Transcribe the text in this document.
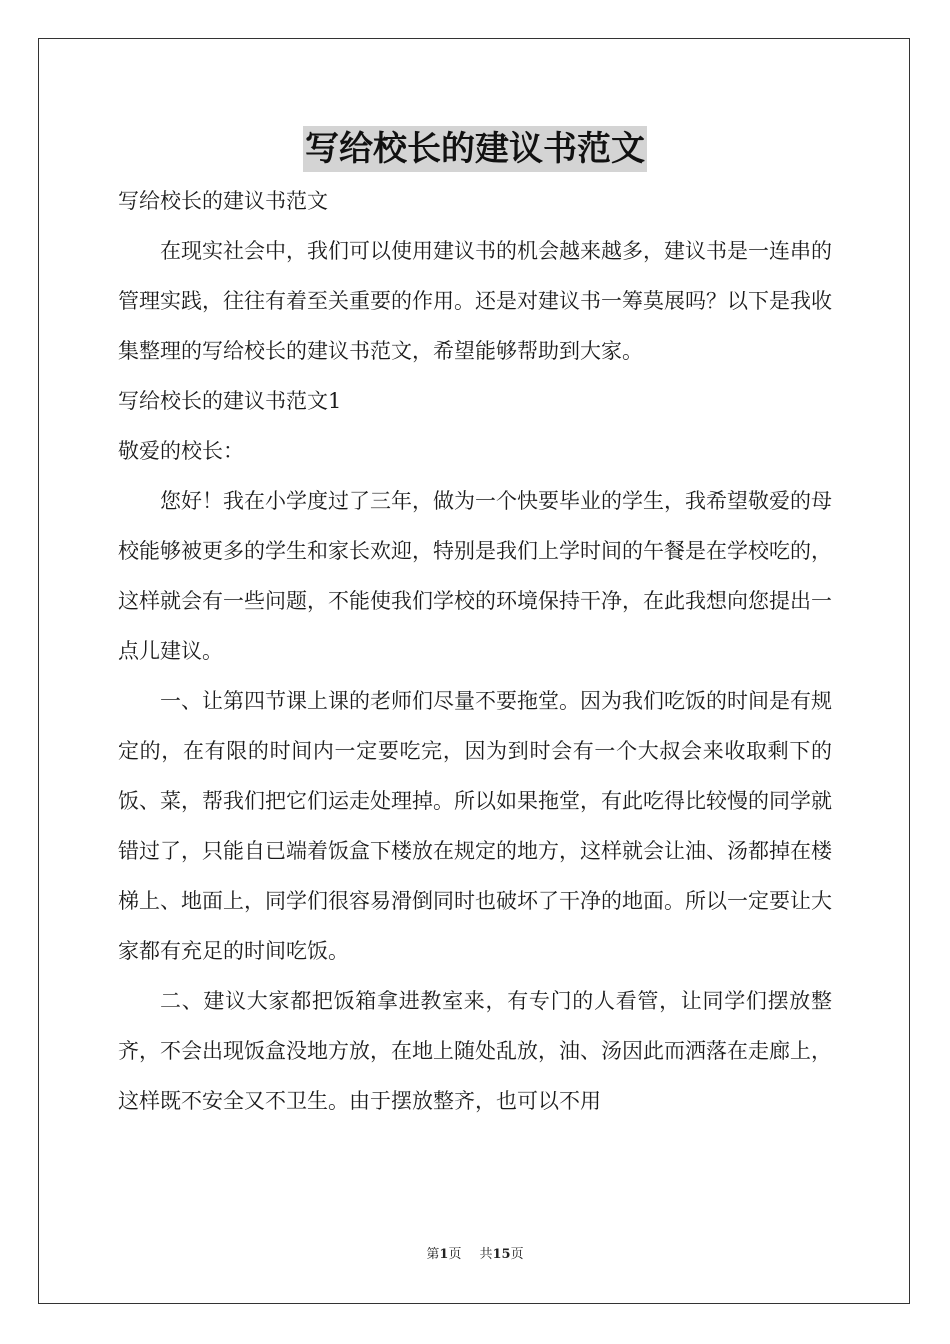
写给校长的建议书范文

写给校长的建议书范文

在现实社会中，我们可以使用建议书的机会越来越多，建议书是一连串的管理实践，往往有着至关重要的作用。还是对建议书一筹莫展吗？以下是我收集整理的写给校长的建议书范文，希望能够帮助到大家。

写给校长的建议书范文1

敬爱的校长：

您好！我在小学度过了三年，做为一个快要毕业的学生，我希望敬爱的母校能够被更多的学生和家长欢迎，特别是我们上学时间的午餐是在学校吃的，这样就会有一些问题，不能使我们学校的环境保持干净，在此我想向您提出一点儿建议。

一、让第四节课上课的老师们尽量不要拖堂。因为我们吃饭的时间是有规定的，在有限的时间内一定要吃完，因为到时会有一个大叔会来收取剩下的饭、菜，帮我们把它们运走处理掉。所以如果拖堂，有此吃得比较慢的同学就错过了，只能自已端着饭盒下楼放在规定的地方，这样就会让油、汤都掉在楼梯上、地面上，同学们很容易滑倒同时也破坏了干净的地面。所以一定要让大家都有充足的时间吃饭。

二、建议大家都把饭箱拿进教室来，有专门的人看管，让同学们摆放整齐，不会出现饭盒没地方放，在地上随处乱放，油、汤因此而洒落在走廊上，这样既不安全又不卫生。由于摆放整齐，也可以不用

第1页 共15页
